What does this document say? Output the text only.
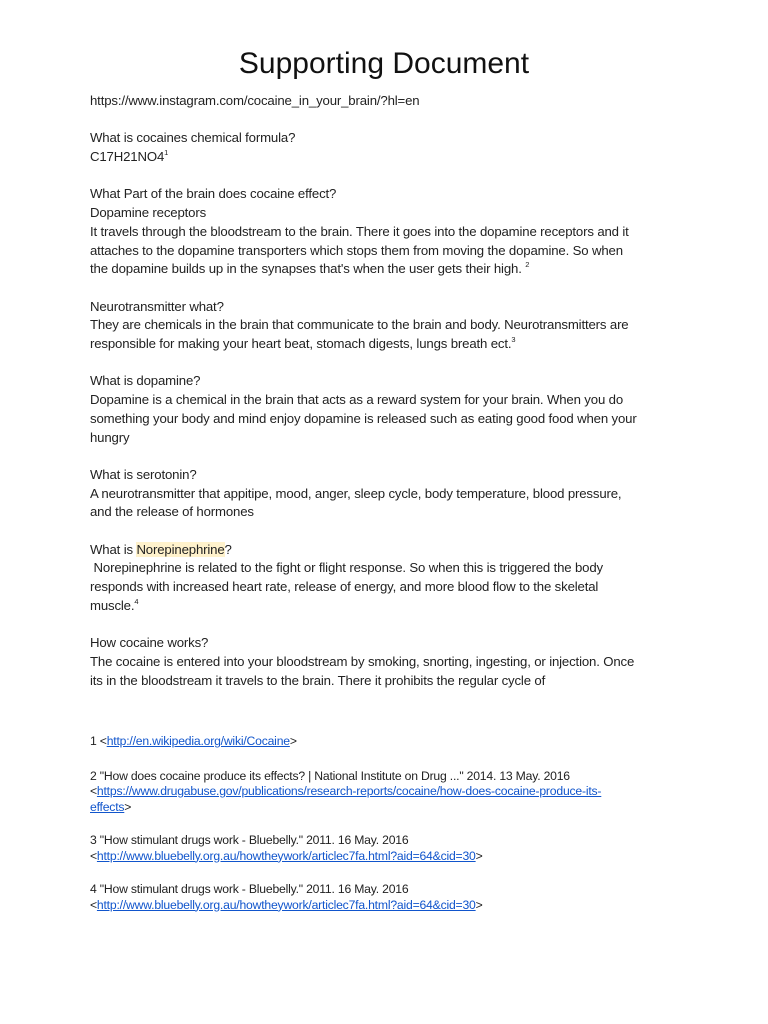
Supporting Document

https://www.instagram.com/cocaine_in_your_brain/?hl=en

What is cocaines chemical formula?

$C17H21NO4^1$

What Part of the brain does cocaine effect?

Dopamine receptors

It travels through the bloodstream to the brain. There it goes into the dopamine receptors and it

attaches to the dopamine transporters which stops them from moving the dopamine. So when

the dopamine builds up in the synapses that's when the user gets their high. $^2$

Neurotransmitter what?

They are chemicals in the brain that communicate to the brain and body. Neurotransmitters are

responsible for making your heart beat, stomach digests, lungs breath ect.$^3$

What is dopamine?

Dopamine is a chemical in the brain that acts as a reward system for your brain. When you do

something your body and mind enjoy dopamine is released such as eating good food when your

hungry

What is serotonin?

A neurotransmitter that appitipe, mood, anger, sleep cycle, body temperature, blood pressure,

and the release of hormones

What is Norepinephrine?

Norepinephrine is related to the fight or flight response. So when this is triggered the body

responds with increased heart rate, release of energy, and more blood flow to the skeletal

muscle.$^4$

How cocaine works?

The cocaine is entered into your bloodstream by smoking, snorting, ingesting, or injection. Once

its in the bloodstream it travels to the brain. There it prohibits the regular cycle of

1 <http://en.wikipedia.org/wiki/Cocaine>
2 "How does cocaine produce its effects? | National Institute on Drug ..." 2014. 13 May. 2016
<https://www.drugabuse.gov/publications/research-reports/cocaine/how-does-cocaine-produce-its-
effects>
3 "How stimulant drugs work - Bluebelly." 2011. 16 May. 2016
<http://www.bluebelly.org.au/howtheywork/articlec7fa.html?aid=64&cid=30>
4 "How stimulant drugs work - Bluebelly." 2011. 16 May. 2016
<http://www.bluebelly.org.au/howtheywork/articlec7fa.html?aid=64&cid=30>
